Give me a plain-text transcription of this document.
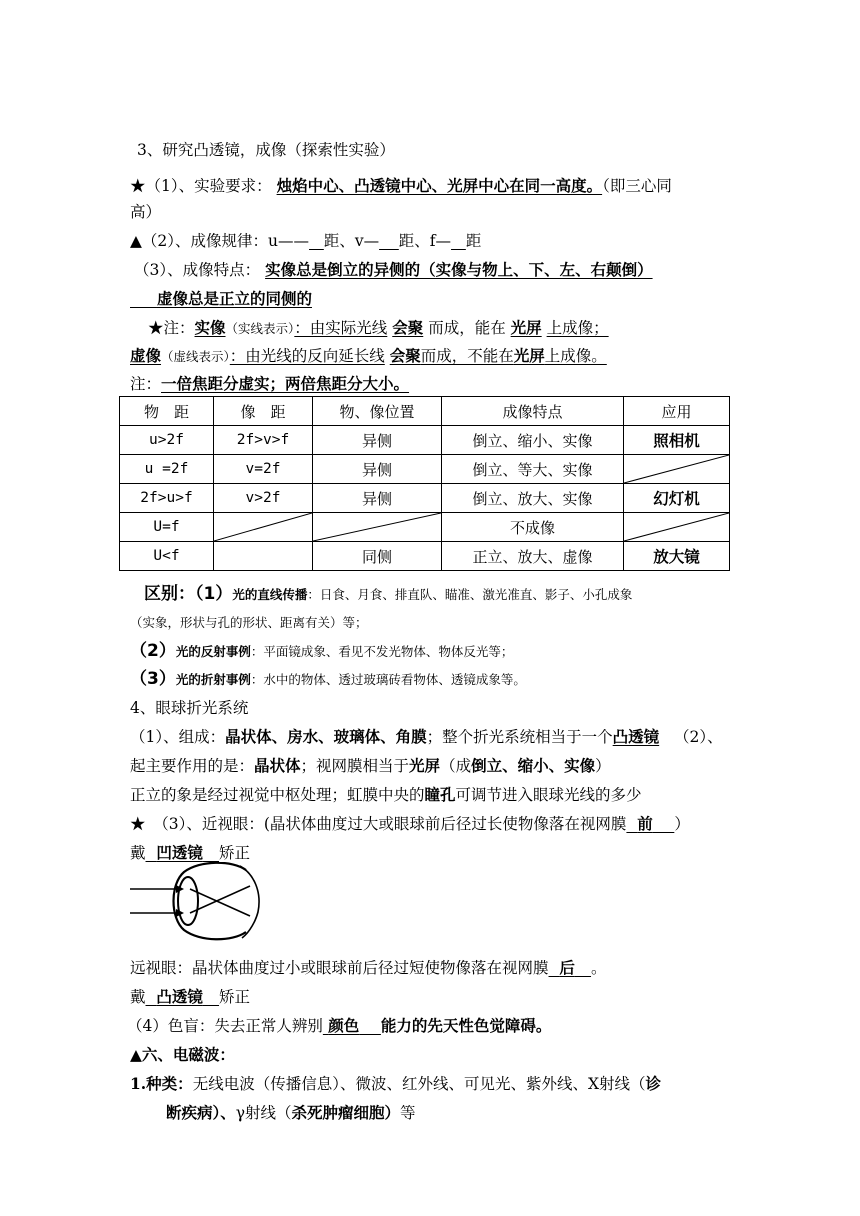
3、研究凸透镜，成像（探索性实验）
★（1）、实验要求： 烛焰中心、凸透镜中心、光屏中心在同一高度。（即三心同
高）
▲（2）、成像规律：u—— 距、v— 距、f— 距
（3）、成像特点： 实像总是倒立的异侧的（实像与物上、下、左、右颠倒）
虚像总是正立的同侧的
★注：实像（实线表示）：由实际光线 会聚 而成，能在 光屏 上成像；
虚像（虚线表示）：由光线的反向延长线 会聚而成，不能在光屏上成像。
注：一倍焦距分虚实；两倍焦距分大小。
物　距	像　距	物、像位置	成像特点	应用
u>2f	2f>v>f	异侧	倒立、缩小、实像	照相机
u =2f	v=2f	异侧	倒立、等大、实像	

2f>u>f	v>2f	异侧	倒立、放大、实像	幻灯机
U=f			不成像	

U<f		同侧	正立、放大、虚像	放大镜
区别：（1）光的直线传播：日食、月食、排直队、瞄准、激光准直、影子、小孔成象
（实象，形状与孔的形状、距离有关）等；
（2）光的反射事例：平面镜成象、看见不发光物体、物体反光等；
（3）光的折射事例：水中的物体、透过玻璃砖看物体、透镜成象等。
4、眼球折光系统
（1）、组成：晶状体、房水、玻璃体、角膜；整个折光系统相当于一个凸透镜 （2）、
起主要作用的是：晶状体；视网膜相当于光屏（成倒立、缩小、实像）
正立的象是经过视觉中枢处理；虹膜中央的瞳孔可调节进入眼球光线的多少
★　（3）、近视眼：(晶状体曲度过大或眼球前后径过长使物像落在视网膜 前 ）
戴 凹透镜 矫正
远视眼：晶状体曲度过小或眼球前后径过短使物像落在视网膜 后 。
戴 凸透镜 矫正
（4）色盲：失去正常人辨别 颜色 能力的先天性色觉障碍。
▲六、电磁波：
1.种类：无线电波（传播信息）、微波、红外线、可见光、紫外线、X射线（诊
断疾病）、γ射线（杀死肿瘤细胞）等
